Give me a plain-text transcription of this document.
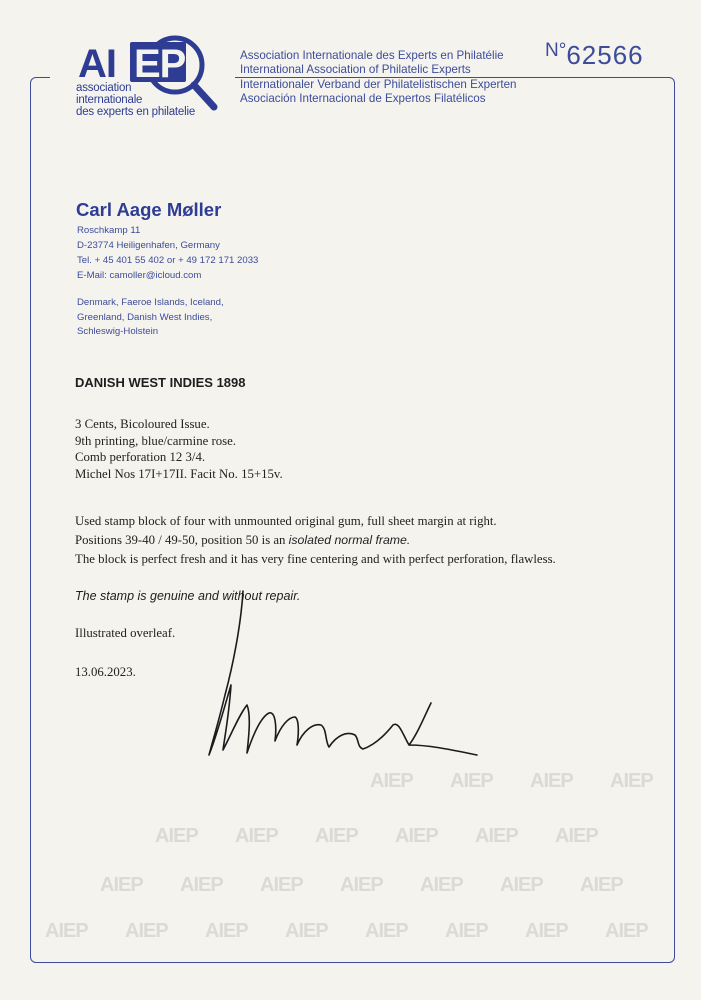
AIEP AIEP AIEP AIEP
AIEP AIEP AIEP AIEP AIEP AIEP
AIEP AIEP AIEP AIEP AIEP AIEP AIEP
AIEP AIEP AIEP AIEP AIEP AIEP AIEP AIEP
AI EP
association
internationale
des experts en philatelie
Association Internationale des Experts en Philatélie
International Association of Philatelic Experts
Internationaler Verband der Philatelistischen Experten
Asociación Internacional de Expertos Filatélicos
N°62566
Carl Aage Møller
Roschkamp 11
D-23774 Heiligenhafen, Germany
Tel. + 45 401 55 402 or + 49 172 171 2033
E-Mail: camoller@icloud.com
Denmark, Faeroe Islands, Iceland,
Greenland, Danish West Indies,
Schleswig-Holstein
DANISH WEST INDIES 1898
3 Cents, Bicoloured Issue.
9th printing, blue/carmine rose.
Comb perforation 12 3/4.
Michel Nos 17I+17II. Facit No. 15+15v.
Used stamp block of four with unmounted original gum, full sheet margin at right.
Positions 39-40 / 49-50, position 50 is an isolated normal frame.
The block is perfect fresh and it has very fine centering and with perfect perforation, flawless.
The stamp is genuine and without repair.
Illustrated overleaf.
13.06.2023.
